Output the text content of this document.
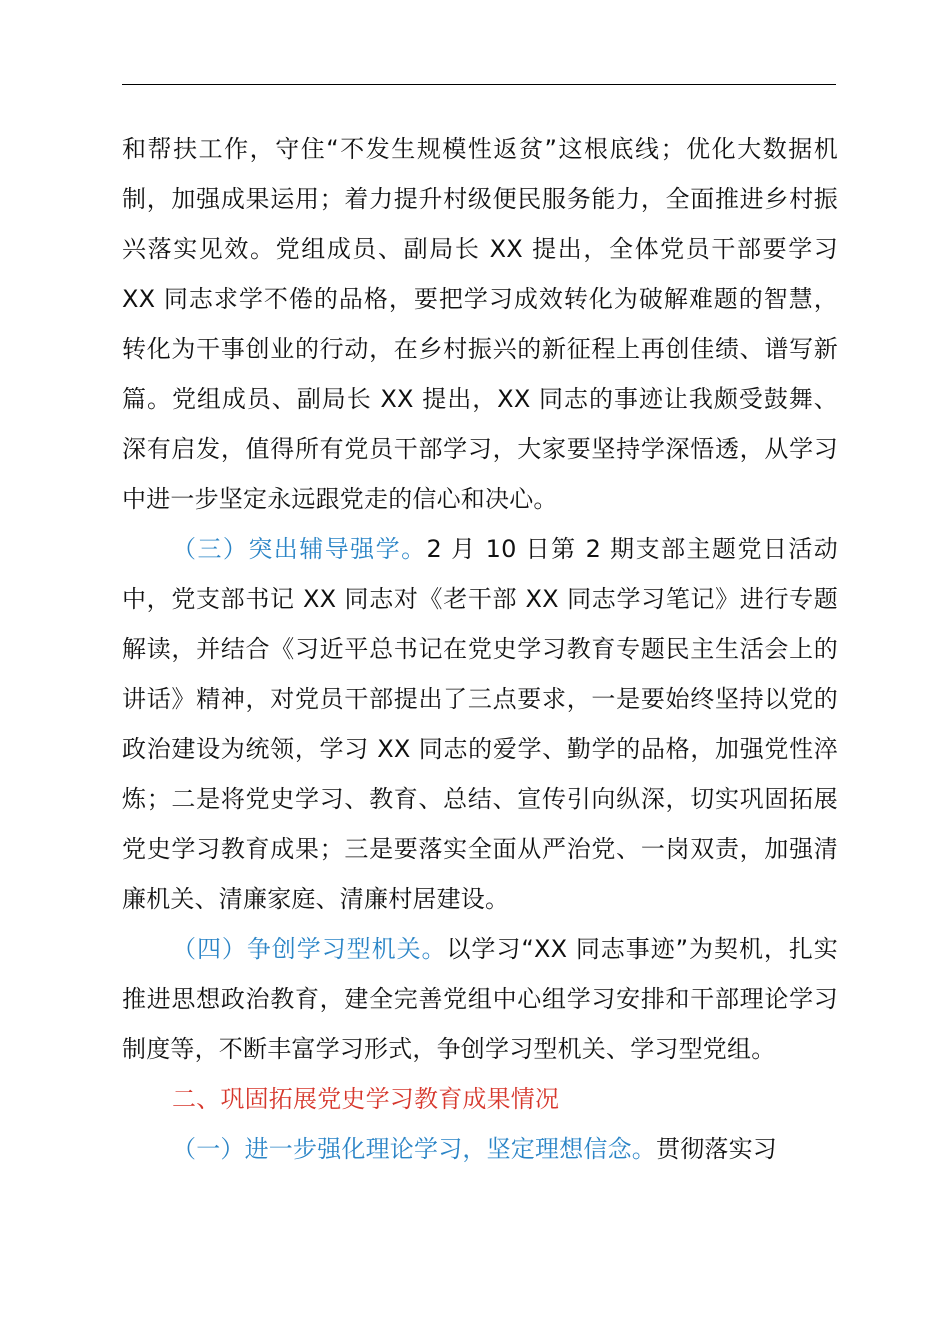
和帮扶工作，守住“不发生规模性返贫”这根底线；优化大数据机制，加强成果运用；着力提升村级便民服务能力，全面推进乡村振兴落实见效。党组成员、副局长 XX 提出，全体党员干部要学习 XX 同志求学不倦的品格，要把学习成效转化为破解难题的智慧，转化为干事创业的行动，在乡村振兴的新征程上再创佳绩、谱写新篇。党组成员、副局长 XX 提出，XX 同志的事迹让我颇受鼓舞、深有启发，值得所有党员干部学习，大家要坚持学深悟透，从学习中进一步坚定永远跟党走的信心和决心。

（三）突出辅导强学。2 月 10 日第 2 期支部主题党日活动中，党支部书记 XX 同志对《老干部 XX 同志学习笔记》进行专题解读，并结合《习近平总书记在党史学习教育专题民主生活会上的讲话》精神，对党员干部提出了三点要求，一是要始终坚持以党的政治建设为统领，学习 XX 同志的爱学、勤学的品格，加强党性淬炼；二是将党史学习、教育、总结、宣传引向纵深，切实巩固拓展党史学习教育成果；三是要落实全面从严治党、一岗双责，加强清廉机关、清廉家庭、清廉村居建设。

（四）争创学习型机关。以学习“XX 同志事迹”为契机，扎实推进思想政治教育，建全完善党组中心组学习安排和干部理论学习制度等，不断丰富学习形式，争创学习型机关、学习型党组。

二、巩固拓展党史学习教育成果情况

（一）进一步强化理论学习，坚定理想信念。贯彻落实习
